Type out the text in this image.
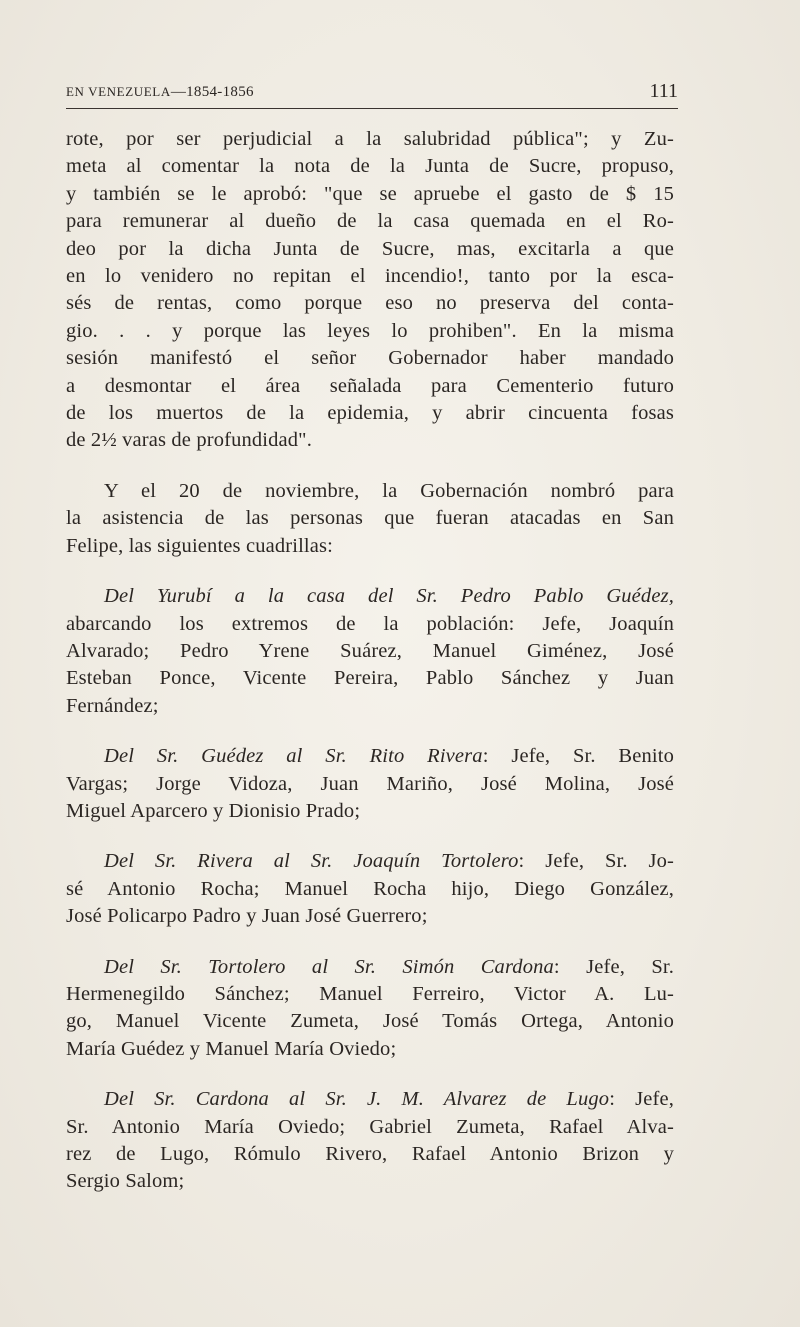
EN VENEZUELA—1854-1856	111
rote, por ser perjudicial a la salubridad pública"; y Zu-
meta al comentar la nota de la Junta de Sucre, propuso,
y también se le aprobó: "que se apruebe el gasto de $ 15
para remunerar al dueño de la casa quemada en el Ro-
deo por la dicha Junta de Sucre, mas, excitarla a que
en lo venidero no repitan el incendio!, tanto por la esca-
sés de rentas, como porque eso no preserva del conta-
gio. . . y porque las leyes lo prohiben". En la misma
sesión manifestó el señor Gobernador haber mandado
a desmontar el área señalada para Cementerio futuro
de los muertos de la epidemia, y abrir cincuenta fosas
de 2½ varas de profundidad".
Y el 20 de noviembre, la Gobernación nombró para
la asistencia de las personas que fueran atacadas en San
Felipe, las siguientes cuadrillas:
Del Yurubí a la casa del Sr. Pedro Pablo Guédez,
abarcando los extremos de la población: Jefe, Joaquín
Alvarado; Pedro Yrene Suárez, Manuel Giménez, José
Esteban Ponce, Vicente Pereira, Pablo Sánchez y Juan
Fernández;
Del Sr. Guédez al Sr. Rito Rivera: Jefe, Sr. Benito
Vargas; Jorge Vidoza, Juan Mariño, José Molina, José
Miguel Aparcero y Dionisio Prado;
Del Sr. Rivera al Sr. Joaquín Tortolero: Jefe, Sr. Jo-
sé Antonio Rocha; Manuel Rocha hijo, Diego González,
José Policarpo Padro y Juan José Guerrero;
Del Sr. Tortolero al Sr. Simón Cardona: Jefe, Sr.
Hermenegildo Sánchez; Manuel Ferreiro, Victor A. Lu-
go, Manuel Vicente Zumeta, José Tomás Ortega, Antonio
María Guédez y Manuel María Oviedo;
Del Sr. Cardona al Sr. J. M. Alvarez de Lugo: Jefe,
Sr. Antonio María Oviedo; Gabriel Zumeta, Rafael Alva-
rez de Lugo, Rómulo Rivero, Rafael Antonio Brizon y
Sergio Salom;
